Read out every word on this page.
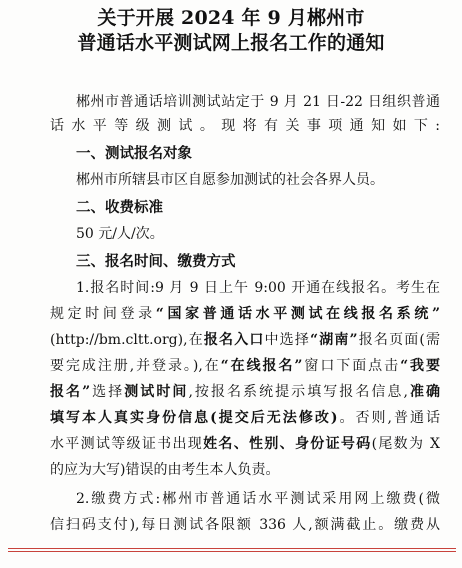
关于开展 2024 年 9 月郴州市
普通话水平测试网上报名工作的通知
郴州市普通话培训测试站定于 9 月 21 日-22 日组织普通
话水平等级测试。现将有关事项通知如下:
一、测试报名对象
郴州市所辖县市区自愿参加测试的社会各界人员。
二、收费标准
50 元/人/次。
三、报名时间、缴费方式
1.报名时间:9 月 9 日上午 9:00 开通在线报名。考生在
规定时间登录“国家普通话水平测试在线报名系统”
(http://bm.cltt.org),在报名入口中选择“湖南”报名页面(需
要完成注册,并登录。),在“在线报名”窗口下面点击“我要
报名”选择测试时间,按报名系统提示填写报名信息,准确
填写本人真实身份信息(提交后无法修改)。否则,普通话
水平测试等级证书出现姓名、性别、身份证号码(尾数为 X
的应为大写)错误的由考生本人负责。
2.缴费方式:郴州市普通话水平测试采用网上缴费(微
信扫码支付),每日测试各限额 336 人,额满截止。缴费从
